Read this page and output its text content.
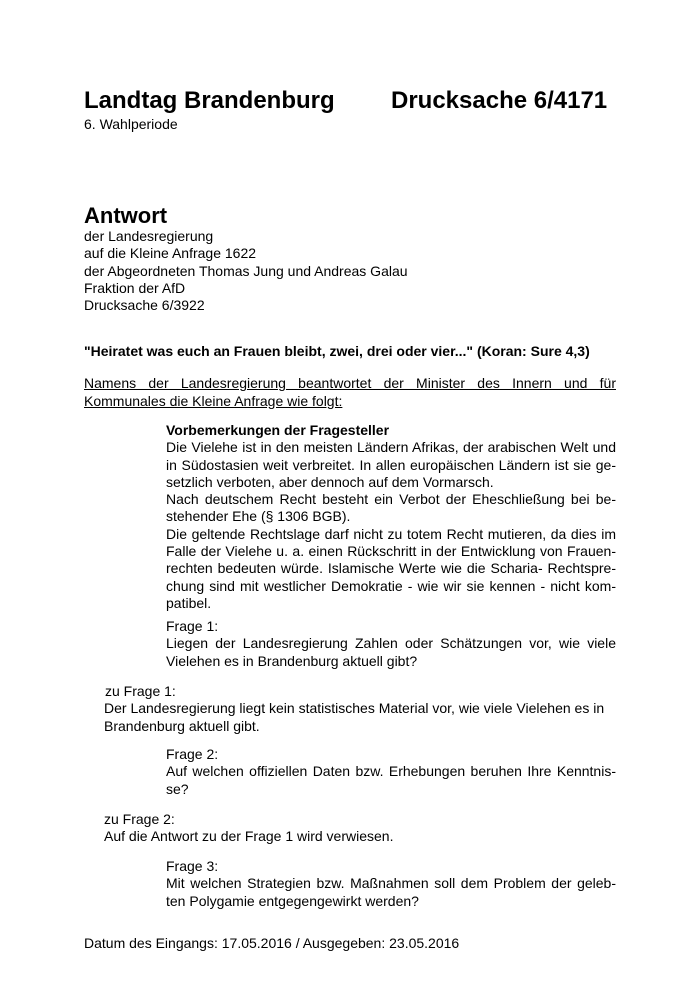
Landtag Brandenburg Drucksache 6/4171
6. Wahlperiode
Antwort
der Landesregierung
auf die Kleine Anfrage 1622
der Abgeordneten Thomas Jung und Andreas Galau
Fraktion der AfD
Drucksache 6/3922
"Heiratet was euch an Frauen bleibt, zwei, drei oder vier..." (Koran: Sure 4,3)
Namens der Landesregierung beantwortet der Minister des Innern und für Kommunales die Kleine Anfrage wie folgt:
Vorbemerkungen der Fragesteller
Die Vielehe ist in den meisten Ländern Afrikas, der arabischen Welt und
in Südostasien weit verbreitet. In allen europäischen Ländern ist sie ge-
setzlich verboten, aber dennoch auf dem Vormarsch.
Nach deutschem Recht besteht ein Verbot der Eheschließung bei be-
stehender Ehe (§ 1306 BGB).
Die geltende Rechtslage darf nicht zu totem Recht mutieren, da dies im
Falle der Vielehe u. a. einen Rückschritt in der Entwicklung von Frauen-
rechten bedeuten würde. Islamische Werte wie die Scharia- Rechtspre-
chung sind mit westlicher Demokratie - wie wir sie kennen - nicht kom-
patibel.
Frage 1:
Liegen der Landesregierung Zahlen oder Schätzungen vor, wie viele
Vielehen es in Brandenburg aktuell gibt?
zu Frage 1:
Der Landesregierung liegt kein statistisches Material vor, wie viele Vielehen es in
Brandenburg aktuell gibt.
Frage 2:
Auf welchen offiziellen Daten bzw. Erhebungen beruhen Ihre Kenntnis-
se?
zu Frage 2:
Auf die Antwort zu der Frage 1 wird verwiesen.
Frage 3:
Mit welchen Strategien bzw. Maßnahmen soll dem Problem der geleb-
ten Polygamie entgegengewirkt werden?
Datum des Eingangs: 17.05.2016 / Ausgegeben: 23.05.2016
